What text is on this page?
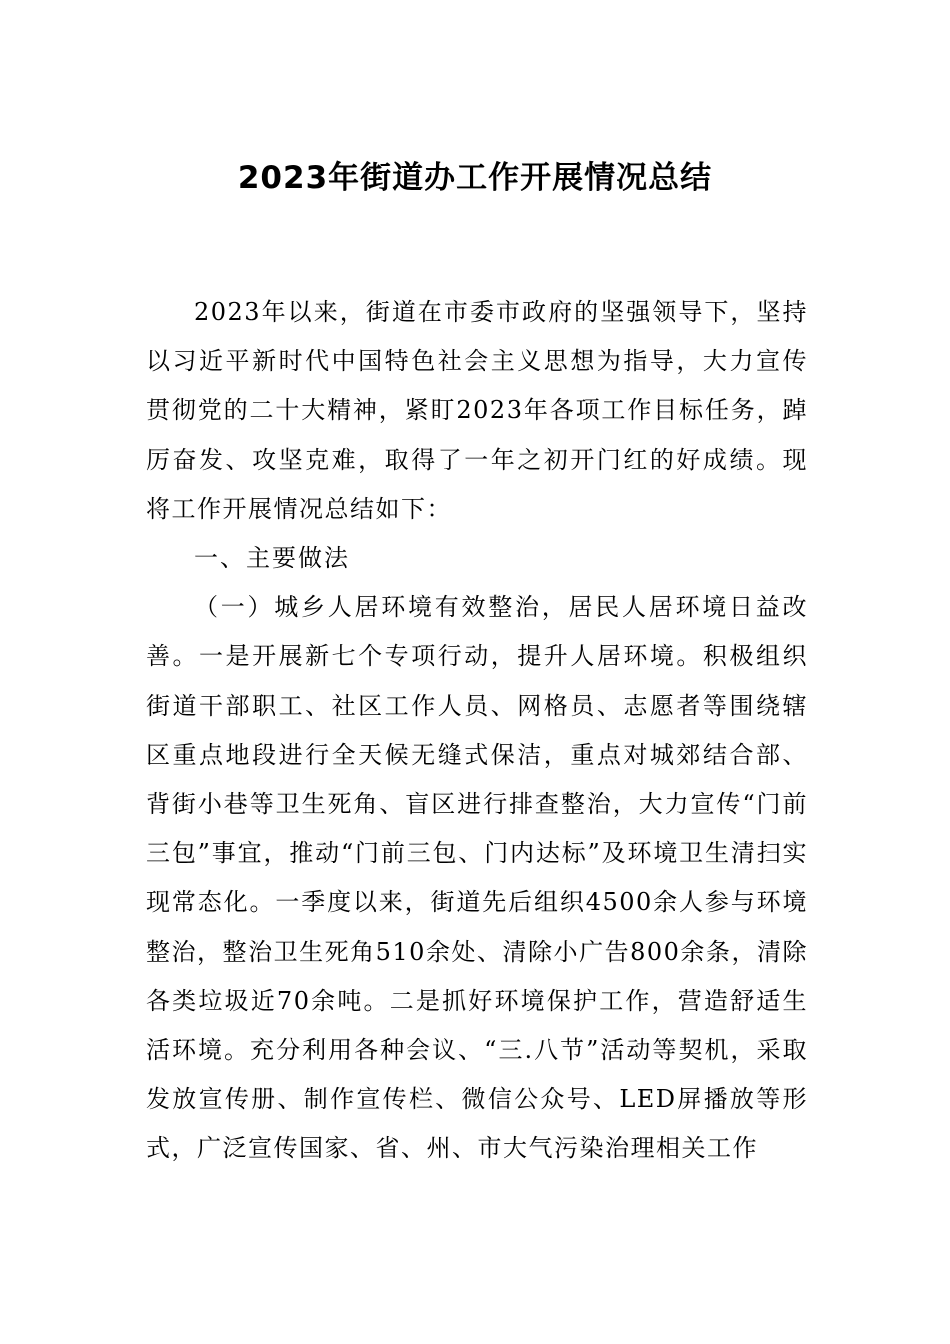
2023年街道办工作开展情况总结

2023年以来，街道在市委市政府的坚强领导下，坚持以习近平新时代中国特色社会主义思想为指导，大力宣传贯彻党的二十大精神，紧盯2023年各项工作目标任务，踔厉奋发、攻坚克难，取得了一年之初开门红的好成绩。现将工作开展情况总结如下：

一、主要做法

（一）城乡人居环境有效整治，居民人居环境日益改善。一是开展新七个专项行动，提升人居环境。积极组织街道干部职工、社区工作人员、网格员、志愿者等围绕辖区重点地段进行全天候无缝式保洁，重点对城郊结合部、背街小巷等卫生死角、盲区进行排查整治，大力宣传“门前三包”事宜，推动“门前三包、门内达标”及环境卫生清扫实现常态化。一季度以来，街道先后组织4500余人参与环境整治，整治卫生死角510余处、清除小广告800余条，清除各类垃圾近70余吨。二是抓好环境保护工作，营造舒适生活环境。充分利用各种会议、“三.八节”活动等契机，采取发放宣传册、制作宣传栏、微信公众号、LED屏播放等形式，广泛宣传国家、省、州、市大气污染治理相关工作
